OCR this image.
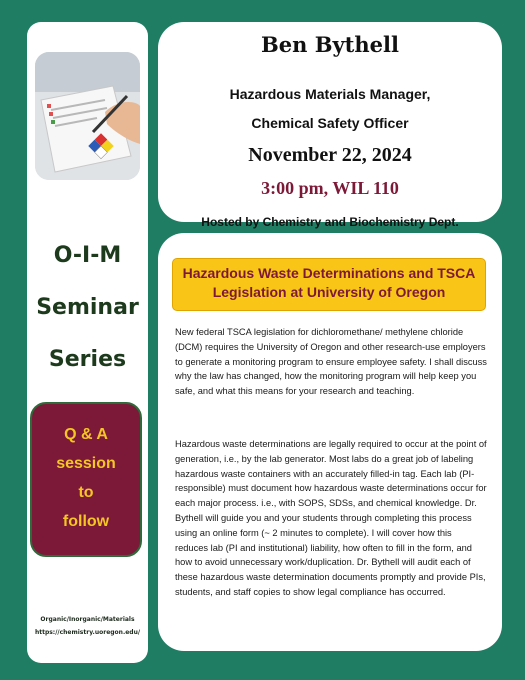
O-I-M
Seminar
Series
Q & A
session
to
follow
Organic/Inorganic/Materials
https://chemistry.uoregon.edu/
Ben Bythell
Hazardous Materials Manager,
Chemical Safety Officer
November 22, 2024
3:00 pm, WIL 110
Hosted by Chemistry and Biochemistry Dept.
Hazardous Waste Determinations and TSCA
Legislation at University of Oregon

New federal TSCA legislation for dichloromethane/ methylene chloride (DCM) requires the University of Oregon and other research-use employers to generate a monitoring program to ensure employee safety. I shall discuss why the law has changed, how the monitoring program will help keep you safe, and what this means for your research and teaching.

Hazardous waste determinations are legally required to occur at the point of generation, i.e., by the lab generator. Most labs do a great job of labeling hazardous waste containers with an accurately filled-in tag. Each lab (PI-responsible) must document how hazardous waste determinations occur for each major process. i.e., with SOPS, SDSs, and chemical knowledge. Dr. Bythell will guide you and your students through completing this process using an online form (~ 2 minutes to complete). I will cover how this reduces lab (PI and institutional) liability, how often to fill in the form, and how to avoid unnecessary work/duplication. Dr. Bythell will audit each of these hazardous waste determination documents promptly and provide PIs, students, and staff copies to show legal compliance has occurred.
